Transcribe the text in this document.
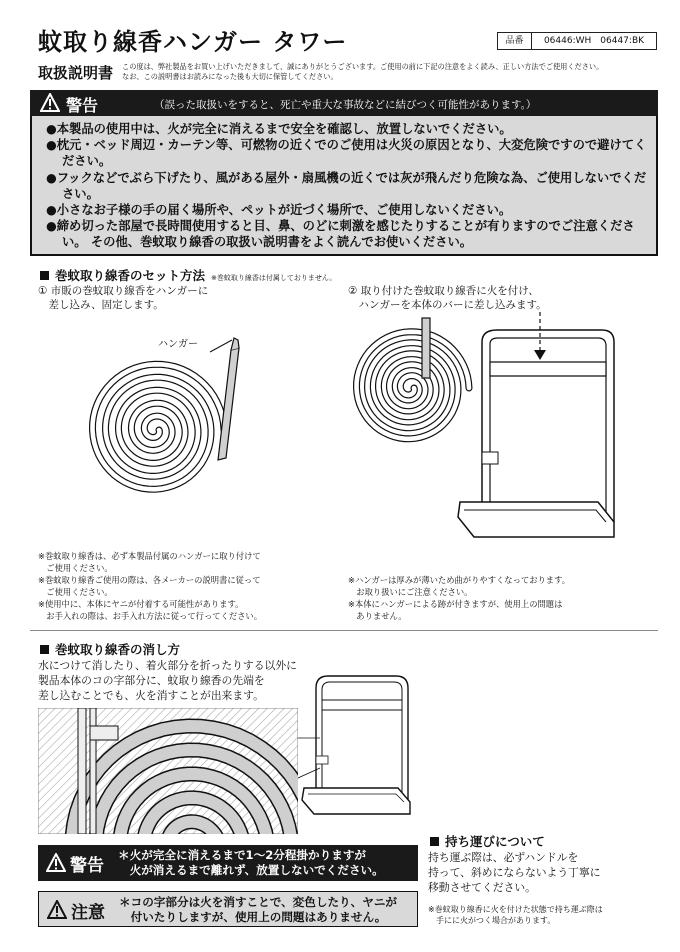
蚊取り線香ハンガー タワー	品番	06446:WH　06447:BK
取扱説明書 この度は、弊社製品をお買い上げいただきまして、誠にありがとうございます。ご使用の前に下記の注意をよく読み、正しい方法でご使用ください。
なお、この説明書はお読みになった後も大切に保管してください。
警告	（誤った取扱いをすると、死亡や重大な事故などに結びつく可能性があります。）
●本製品の使用中は、火が完全に消えるまで安全を確認し、放置しないでください。
●枕元・ベッド周辺・カーテン等、可燃物の近くでのご使用は火災の原因となり、大変危険ですので避けてください。
●フックなどでぶら下げたり、風がある屋外・扇風機の近くでは灰が飛んだり危険な為、ご使用しないでください。
●小さなお子様の手の届く場所や、ペットが近づく場所で、ご使用しないください。
●締め切った部屋で長時間使用すると目、鼻、のどに刺激を感じたりすることが有りますのでご注意ください。 その他、巻蚊取り線香の取扱い説明書をよく読んでお使いください。
巻蚊取り線香のセット方法 ※巻蚊取り線香は付属しておりません。
① 市販の巻蚊取り線香をハンガーに
　差し込み、固定します。
② 取り付けた巻蚊取り線香に火を付け、
　ハンガーを本体のバーに差し込みます。
ハンガー
※巻蚊取り線香は、必ず本製品付属のハンガーに取り付けて
　ご使用ください。
※巻蚊取り線香ご使用の際は、各メーカーの説明書に従って
　ご使用ください。
※使用中に、本体にヤニが付着する可能性があります。
　お手入れの際は、お手入れ方法に従って行ってください。
※ハンガーは厚みが薄いため曲がりやすくなっております。
　お取り扱いにご注意ください。
※本体にハンガーによる跡が付きますが、使用上の問題は
　ありません。
巻蚊取り線香の消し方
水につけて消したり、着火部分を折ったりする以外に
製品本体のコの字部分に、蚊取り線香の先端を
差し込むことでも、火を消すことが出来ます。
持ち運びについて
持ち運ぶ際は、必ずハンドルを
持って、斜めにならないよう丁寧に
移動させてください。
※巻蚊取り線香に火を付けた状態で持ち運ぶ際は
　手にに火がつく場合があります。
警告
＊火が完全に消えるまで1～2分程掛かりますが
　火が消えるまで離れず、放置しないでください。
注意
＊コの字部分は火を消すことで、変色したり、ヤニが
　付いたりしますが、使用上の問題はありません。
